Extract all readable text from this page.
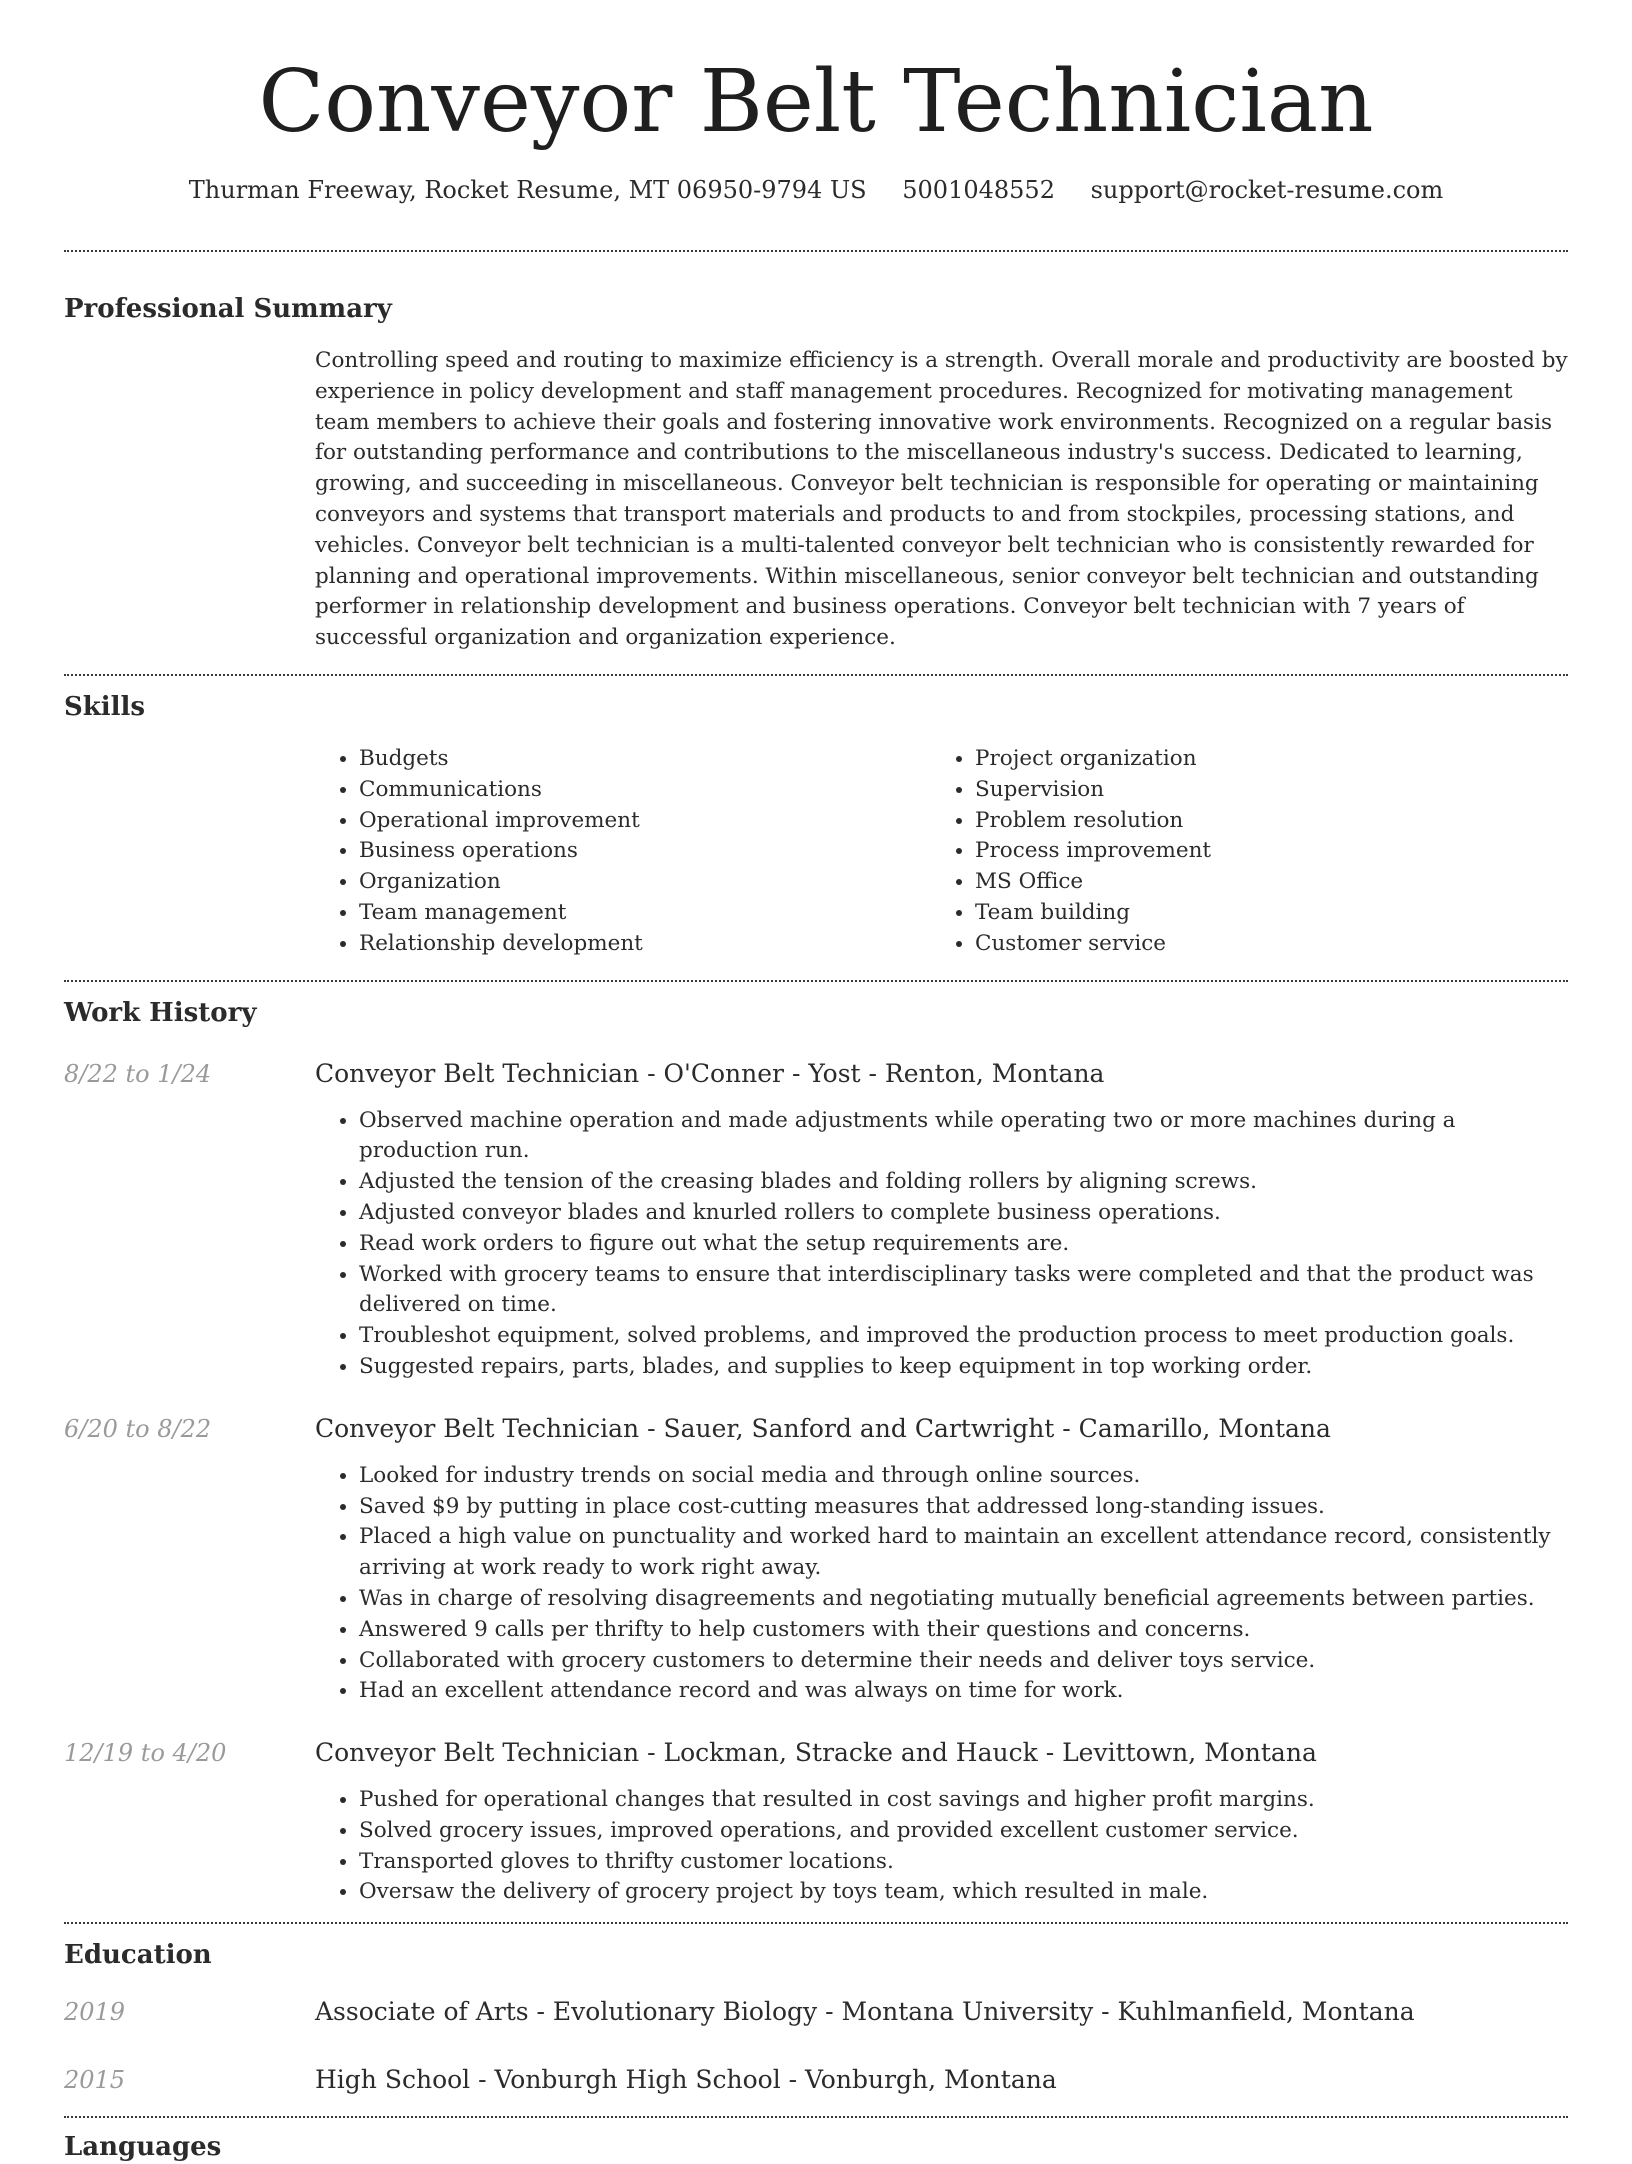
Conveyor Belt Technician
Thurman Freeway, Rocket Resume, MT 06950-9794 US 5001048552 support@rocket-resume.com
Professional Summary

Controlling speed and routing to maximize efficiency is a strength. Overall morale and productivity are boosted by experience in policy development and staff management procedures. Recognized for motivating management team members to achieve their goals and fostering innovative work environments. Recognized on a regular basis for outstanding performance and contributions to the miscellaneous industry's success. Dedicated to learning, growing, and succeeding in miscellaneous. Conveyor belt technician is responsible for operating or maintaining conveyors and systems that transport materials and products to and from stockpiles, processing stations, and vehicles. Conveyor belt technician is a multi-talented conveyor belt technician who is consistently rewarded for planning and operational improvements. Within miscellaneous, senior conveyor belt technician and outstanding performer in relationship development and business operations. Conveyor belt technician with 7 years of successful organization and organization experience.

Skills
• Budgets
• Communications
• Operational improvement
• Business operations
• Organization
• Team management
• Relationship development
• Project organization
• Supervision
• Problem resolution
• Process improvement
• MS Office
• Team building
• Customer service
Work History
8/22 to 1/24	Conveyor Belt Technician - O'Conner - Yost - Renton, Montana
• Observed machine operation and made adjustments while operating two or more machines during a production run.
• Adjusted the tension of the creasing blades and folding rollers by aligning screws.
• Adjusted conveyor blades and knurled rollers to complete business operations.
• Read work orders to figure out what the setup requirements are.
• Worked with grocery teams to ensure that interdisciplinary tasks were completed and that the product was delivered on time.
• Troubleshot equipment, solved problems, and improved the production process to meet production goals.
• Suggested repairs, parts, blades, and supplies to keep equipment in top working order.
6/20 to 8/22	Conveyor Belt Technician - Sauer, Sanford and Cartwright - Camarillo, Montana
• Looked for industry trends on social media and through online sources.
• Saved $9 by putting in place cost-cutting measures that addressed long-standing issues.
• Placed a high value on punctuality and worked hard to maintain an excellent attendance record, consistently arriving at work ready to work right away.
• Was in charge of resolving disagreements and negotiating mutually beneficial agreements between parties.
• Answered 9 calls per thrifty to help customers with their questions and concerns.
• Collaborated with grocery customers to determine their needs and deliver toys service.
• Had an excellent attendance record and was always on time for work.
12/19 to 4/20	Conveyor Belt Technician - Lockman, Stracke and Hauck - Levittown, Montana
• Pushed for operational changes that resulted in cost savings and higher profit margins.
• Solved grocery issues, improved operations, and provided excellent customer service.
• Transported gloves to thrifty customer locations.
• Oversaw the delivery of grocery project by toys team, which resulted in male.
Education
2019	Associate of Arts - Evolutionary Biology - Montana University - Kuhlmanfield, Montana
2015	High School - Vonburgh High School - Vonburgh, Montana
Languages
